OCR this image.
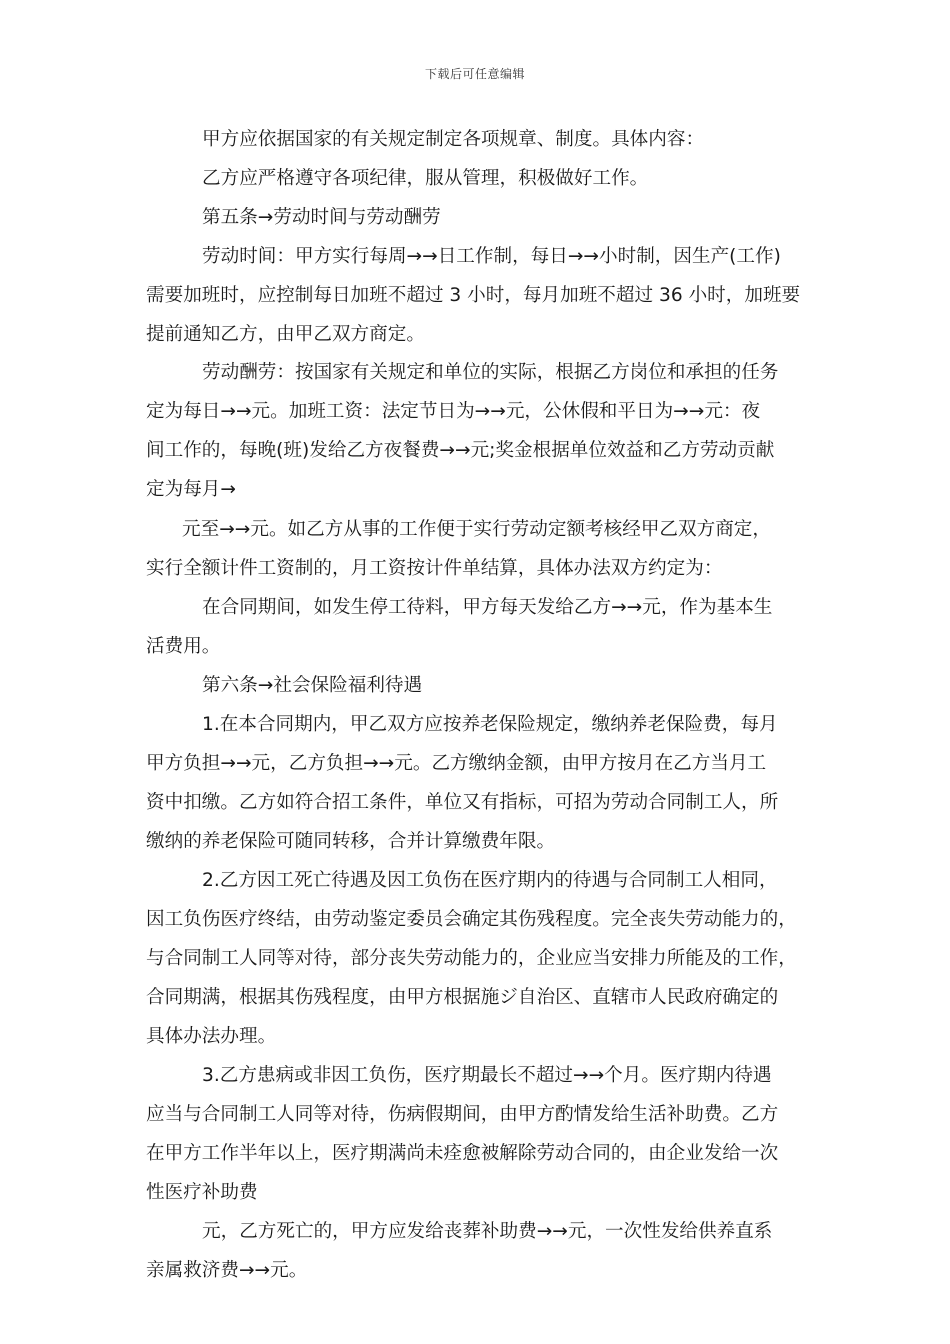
下载后可任意编辑
甲方应依据国家的有关规定制定各项规章、制度。具体内容：
乙方应严格遵守各项纪律，服从管理，积极做好工作。
第五条→劳动时间与劳动酬劳
劳动时间：甲方实行每周→→日工作制，每日→→小时制，因生产(工作)
需要加班时，应控制每日加班不超过 3 小时，每月加班不超过 36 小时，加班要
提前通知乙方，由甲乙双方商定。
劳动酬劳：按国家有关规定和单位的实际，根据乙方岗位和承担的任务
定为每日→→元。加班工资：法定节日为→→元，公休假和平日为→→元：夜
间工作的，每晚(班)发给乙方夜餐费→→元;奖金根据单位效益和乙方劳动贡献
定为每月→
元至→→元。如乙方从事的工作便于实行劳动定额考核经甲乙双方商定，
实行全额计件工资制的，月工资按计件单结算，具体办法双方约定为：
在合同期间，如发生停工待料，甲方每天发给乙方→→元，作为基本生
活费用。
第六条→社会保险福利待遇
1.在本合同期内，甲乙双方应按养老保险规定，缴纳养老保险费，每月
甲方负担→→元，乙方负担→→元。乙方缴纳金额，由甲方按月在乙方当月工
资中扣缴。乙方如符合招工条件，单位又有指标，可招为劳动合同制工人，所
缴纳的养老保险可随同转移，合并计算缴费年限。
2.乙方因工死亡待遇及因工负伤在医疗期内的待遇与合同制工人相同，
因工负伤医疗终结，由劳动鉴定委员会确定其伤残程度。完全丧失劳动能力的，
与合同制工人同等对待，部分丧失劳动能力的，企业应当安排力所能及的工作，
合同期满，根据其伤残程度，由甲方根据施ジ自治区、直辖市人民政府确定的
具体办法办理。
3.乙方患病或非因工负伤，医疗期最长不超过→→个月。医疗期内待遇
应当与合同制工人同等对待，伤病假期间，由甲方酌情发给生活补助费。乙方
在甲方工作半年以上，医疗期满尚未痊愈被解除劳动合同的，由企业发给一次
性医疗补助费
元，乙方死亡的，甲方应发给丧葬补助费→→元，一次性发给供养直系
亲属救济费→→元。
